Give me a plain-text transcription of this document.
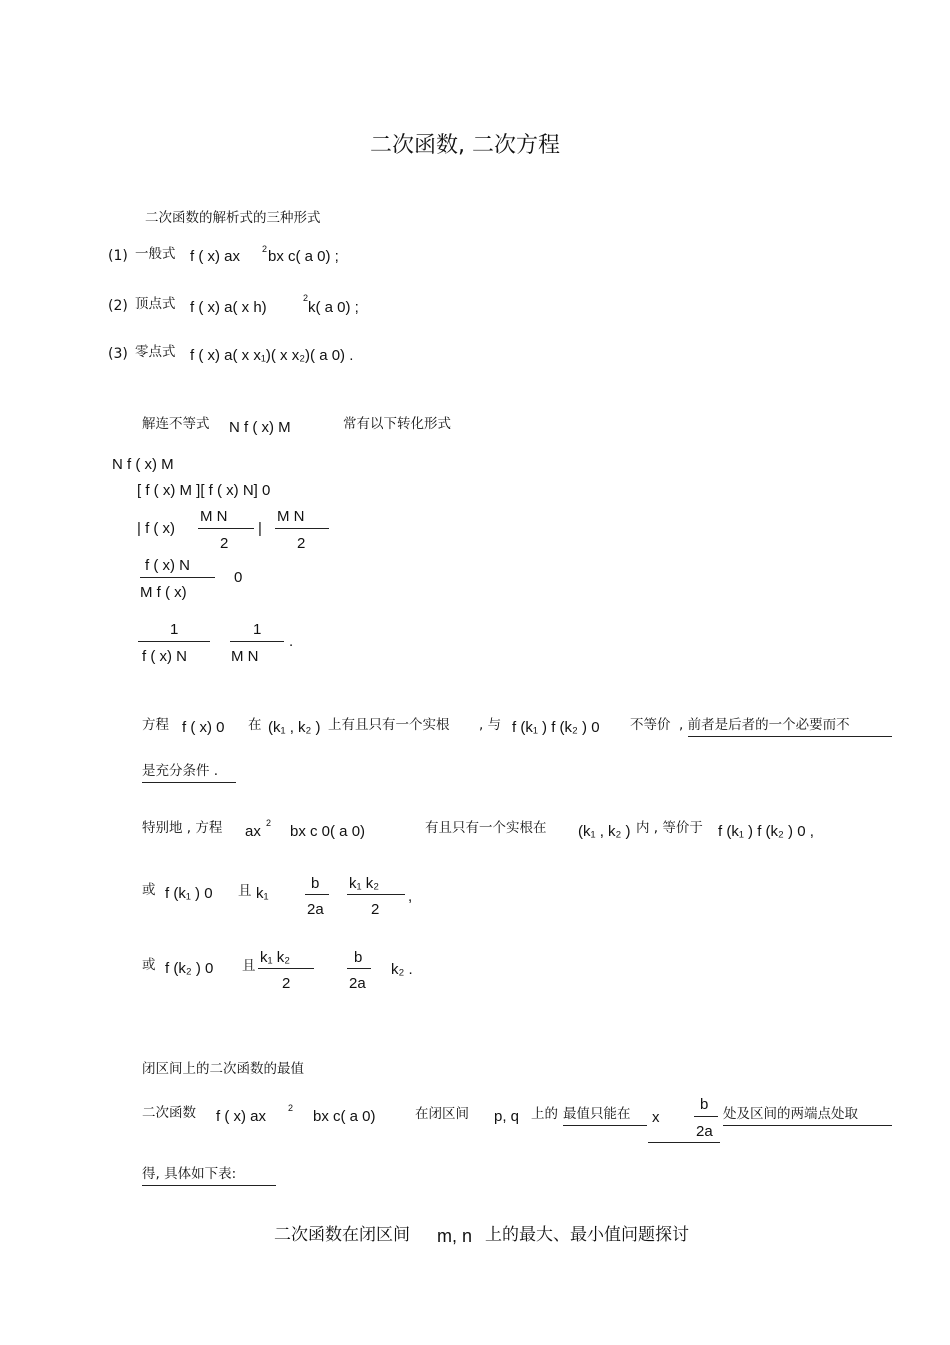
二次函数, 二次方程
二次函数的解析式的三种形式
(1) 一般式 f ( x) ax 2 bx c( a 0) ;
(2) 顶点式 f ( x) a( x h)
2
k( a 0) ;
(3) 零点式 f ( x) a( x x₁)( x x₂)( a 0) .
解连不等式 N f ( x) M	常有以下转化形式
N f ( x) M
[ f ( x) M ][ f ( x) N] 0
| f ( x)
M N
2
|
M N
2
f ( x) N
M f ( x)
0
1
f ( x) N
1
M N
.
方程 f ( x) 0 在 (k₁ , k₂ ) 上有且只有一个实根 , 与 f (k₁ ) f (k₂ ) 0 不等价 , 前者是后者的一个必要而不
是充分条件 .
特别地 , 方程 ax 2 bx c 0( a 0)	有且只有一个实根在 (k₁ , k₂ ) 内 , 等价于 f (k₁ ) f (k₂ ) 0 ,
或 f (k₁ ) 0 且 k₁
b
2a
k₁ k₂
2
,
或 f (k₂ ) 0 且 k₁ k₂
2
b
2a
k₂ .
闭区间上的二次函数的最值
二次函数 f ( x) ax 2 bx c( a 0)	在闭区间 p, q 上的 最值只能在 x
b
2a
处及区间的两端点处取
得, 具体如下表:
二次函数在闭区间 m, n 上的最大、最小值问题探讨
